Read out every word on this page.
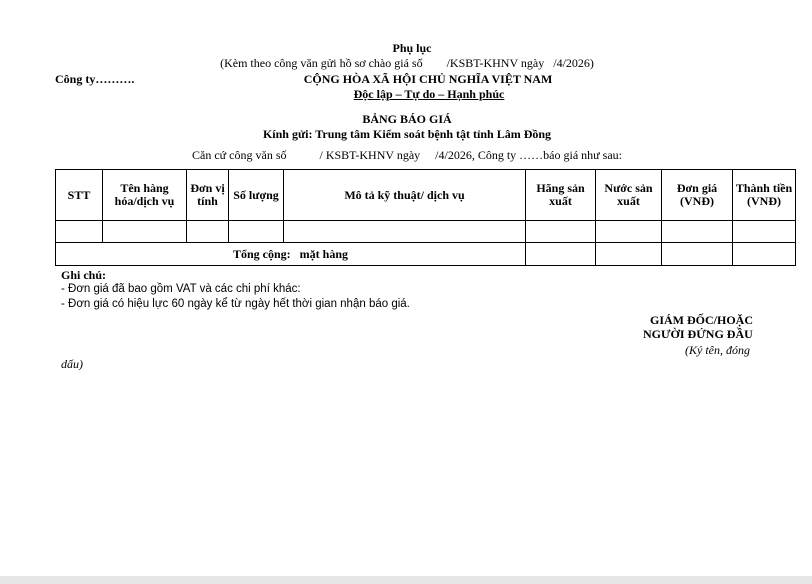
Phụ lục
(Kèm theo công văn gửi hồ sơ chào giá số        /KSBT-KHNV ngày   /4/2026)
Công ty……….	CỘNG HÒA XÃ HỘI CHỦ NGHĨA VIỆT NAM
Độc lập – Tự do – Hạnh phúc
BẢNG BÁO GIÁ
Kính gửi: Trung tâm Kiểm soát bệnh tật tỉnh Lâm Đồng
Căn cứ công văn số           / KSBT-KHNV ngày     /4/2026, Công ty ……báo giá như sau:
STT	Tên hàng hóa/dịch vụ	Đơn vị tính	Số lượng	Mô tả kỹ thuật/ dịch vụ	Hãng sản xuất	Nước sản xuất	Đơn giá (VNĐ)	Thành tiền (VNĐ)

Tổng cộng:   mặt hàng								
Ghi chú:
- Đơn giá đã bao gồm VAT và các chi phí khác:
- Đơn giá có hiệu lực 60 ngày kể từ ngày hết thời gian nhận báo giá.
GIÁM ĐỐC/HOẶC
NGƯỜI ĐỨNG ĐẦU
(Ký tên, đóng
dấu)
